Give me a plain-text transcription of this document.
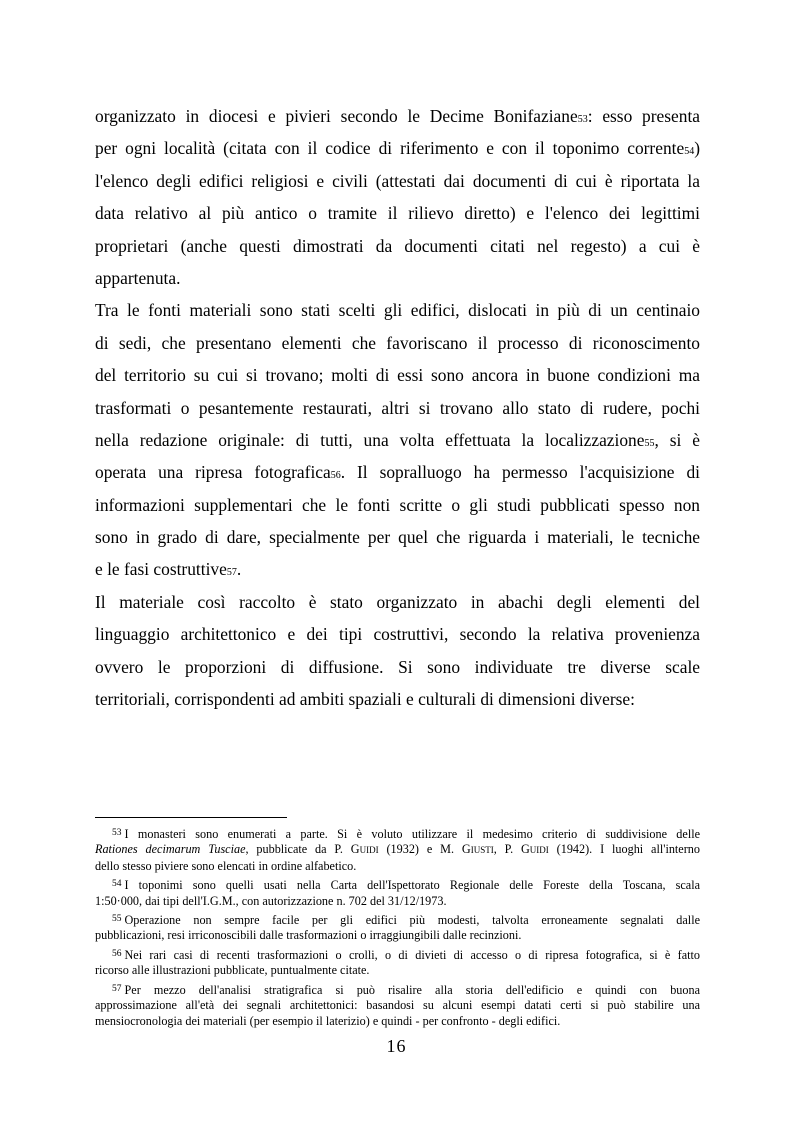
organizzato in diocesi e pivieri secondo le Decime Bonifaziane53: esso presenta
per ogni località (citata con il codice di riferimento e con il toponimo corrente54)
l'elenco degli edifici religiosi e civili (attestati dai documenti di cui è riportata la
data relativo al più antico o tramite il rilievo diretto) e l'elenco dei legittimi
proprietari (anche questi dimostrati da documenti citati nel regesto) a cui è
appartenuta.
Tra le fonti materiali sono stati scelti gli edifici, dislocati in più di un centinaio
di sedi, che presentano elementi che favoriscano il processo di riconoscimento
del territorio su cui si trovano; molti di essi sono ancora in buone condizioni ma
trasformati o pesantemente restaurati, altri si trovano allo stato di rudere, pochi
nella redazione originale: di tutti, una volta effettuata la localizzazione55, si è
operata una ripresa fotografica56. Il sopralluogo ha permesso l'acquisizione di
informazioni supplementari che le fonti scritte o gli studi pubblicati spesso non
sono in grado di dare, specialmente per quel che riguarda i materiali, le tecniche
e le fasi costruttive57.
Il materiale così raccolto è stato organizzato in abachi degli elementi del
linguaggio architettonico e dei tipi costruttivi, secondo la relativa provenienza
ovvero le proporzioni di diffusione. Si sono individuate tre diverse scale
territoriali, corrispondenti ad ambiti spaziali e culturali di dimensioni diverse:
$^{53}$ I monasteri sono enumerati a parte. Si è voluto utilizzare il medesimo criterio di suddivisione delle
Rationes decimarum Tusciae, pubblicate da P. Guidi (1932) e M. Giusti, P. Guidi (1942). I luoghi all'interno
dello stesso piviere sono elencati in ordine alfabetico.
$^{54}$ I toponimi sono quelli usati nella Carta dell'Ispettorato Regionale delle Foreste della Toscana, scala
1:50·000, dai tipi dell'I.G.M., con autorizzazione n. 702 del 31/12/1973.
$^{55}$ Operazione non sempre facile per gli edifici più modesti, talvolta erroneamente segnalati dalle
pubblicazioni, resi irriconoscibili dalle trasformazioni o irraggiungibili dalle recinzioni.
$^{56}$ Nei rari casi di recenti trasformazioni o crolli, o di divieti di accesso o di ripresa fotografica, si è fatto
ricorso alle illustrazioni pubblicate, puntualmente citate.
$^{57}$ Per mezzo dell'analisi stratigrafica si può risalire alla storia dell'edificio e quindi con buona
approssimazione all'età dei segnali architettonici: basandosi su alcuni esempi datati certi si può stabilire una
mensiocronologia dei materiali (per esempio il laterizio) e quindi - per confronto - degli edifici.
16
